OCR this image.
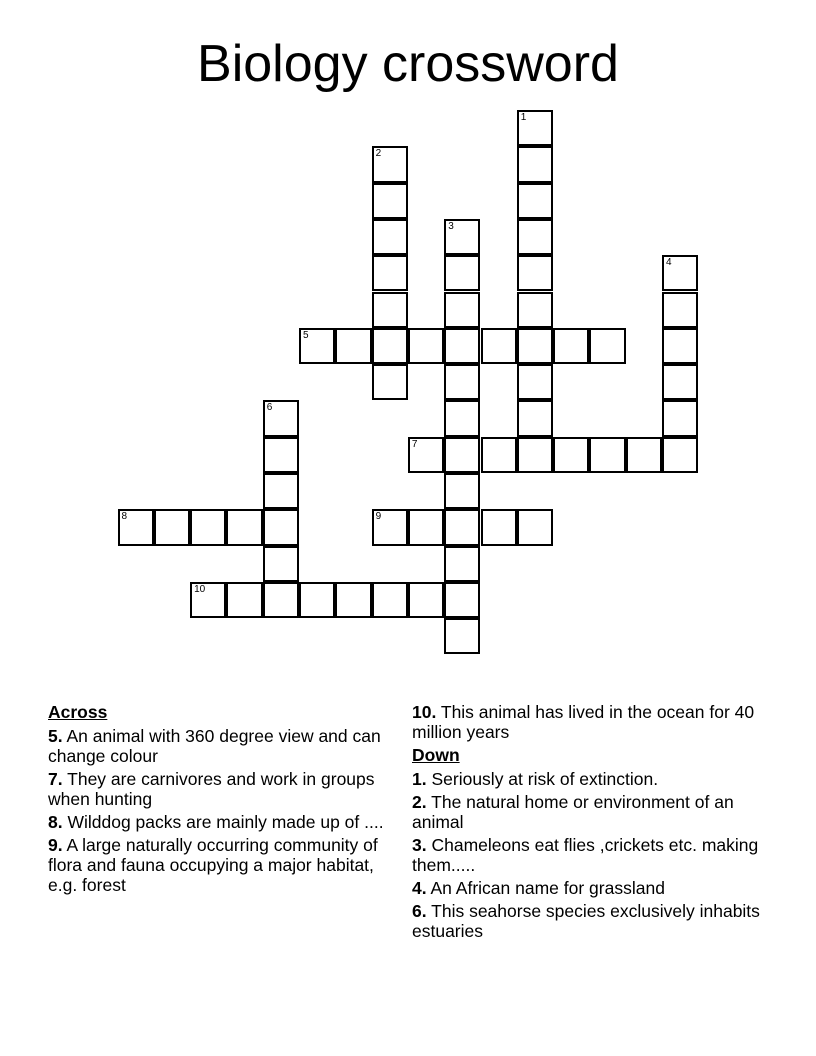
Biology crossword
1
2
3
4
5
6
7
8	9
10
Across
5. An animal with 360 degree view and can change colour
7. They are carnivores and work in groups when hunting
8. Wilddog packs are mainly made up of ....
9. A large naturally occurring community of flora and fauna occupying a major habitat, e.g. forest
10. This animal has lived in the ocean for 40 million years
Down
1. Seriously at risk of extinction.
2. The natural home or environment of an animal
3. Chameleons eat flies ,crickets etc. making them.....
4. An African name for grassland
6. This seahorse species exclusively inhabits estuaries
